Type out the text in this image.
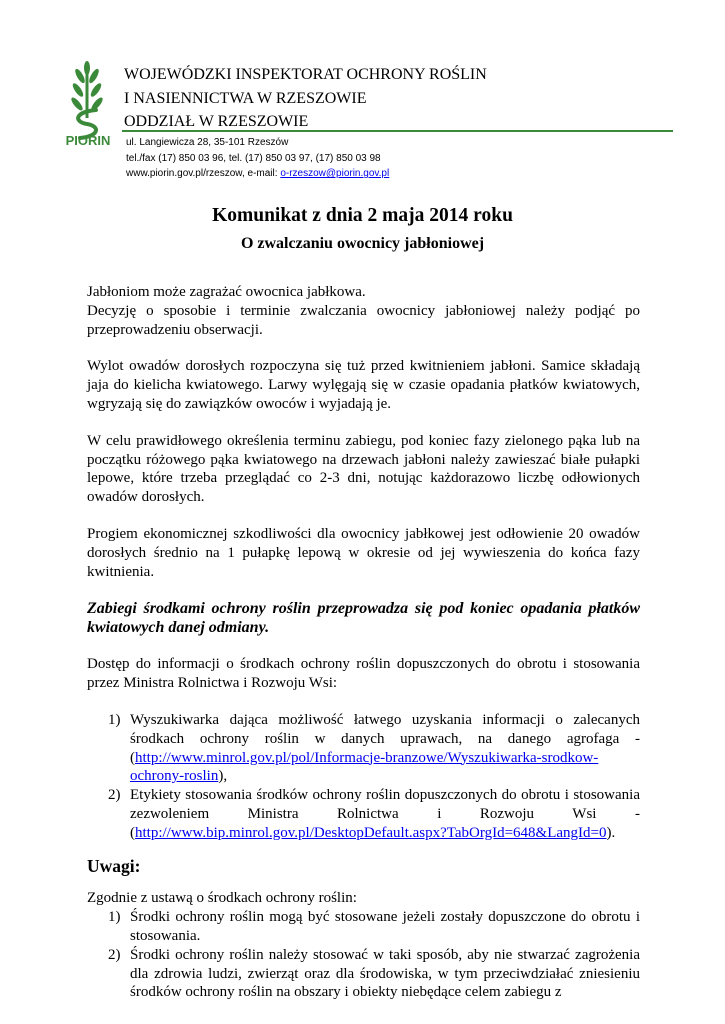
PIORIN
WOJEWÓDZKI INSPEKTORAT OCHRONY ROŚLIN
I NASIENNICTWA W RZESZOWIE
ODDZIAŁ W RZESZOWIE
ul. Langiewicza 28, 35-101 Rzeszów
tel./fax (17) 850 03 96, tel. (17) 850 03 97, (17) 850 03 98
www.piorin.gov.pl/rzeszow, e-mail: o-rzeszow@piorin.gov.pl
Komunikat z dnia 2 maja 2014 roku
O zwalczaniu owocnicy jabłoniowej

Jabłoniom może zagrażać owocnica jabłkowa.

Decyzję o sposobie i terminie zwalczania owocnicy jabłoniowej należy podjąć po przeprowadzeniu obserwacji.

Wylot owadów dorosłych rozpoczyna się tuż przed kwitnieniem jabłoni. Samice składają jaja do kielicha kwiatowego. Larwy wylęgają się w czasie opadania płatków kwiatowych, wgryzają się do zawiązków owoców i wyjadają je.

W celu prawidłowego określenia terminu zabiegu, pod koniec fazy zielonego pąka lub na początku różowego pąka kwiatowego na drzewach jabłoni należy zawieszać białe pułapki lepowe, które trzeba przeglądać co 2-3 dni, notując każdorazowo liczbę odłowionych owadów dorosłych.

Progiem ekonomicznej szkodliwości dla owocnicy jabłkowej jest odłowienie 20 owadów dorosłych średnio na 1 pułapkę lepową w okresie od jej wywieszenia do końca fazy kwitnienia.

Zabiegi środkami ochrony roślin przeprowadza się pod koniec opadania płatków kwiatowych danej odmiany.

Dostęp do informacji o środkach ochrony roślin dopuszczonych do obrotu i stosowania przez Ministra Rolnictwa i Rozwoju Wsi:

1) Wyszukiwarka dająca możliwość łatwego uzyskania informacji o zalecanych środkach ochrony roślin w danych uprawach, na danego agrofaga - (http://www.minrol.gov.pl/pol/Informacje-branzowe/Wyszukiwarka-srodkow-ochrony-roslin),
2) Etykiety stosowania środków ochrony roślin dopuszczonych do obrotu i stosowania zezwoleniem Ministra Rolnictwa i Rozwoju Wsi - (http://www.bip.minrol.gov.pl/DesktopDefault.aspx?TabOrgId=648&LangId=0).
Uwagi:

Zgodnie z ustawą o środkach ochrony roślin:

1) Środki ochrony roślin mogą być stosowane jeżeli zostały dopuszczone do obrotu i stosowania.
2) Środki ochrony roślin należy stosować w taki sposób, aby nie stwarzać zagrożenia dla zdrowia ludzi, zwierząt oraz dla środowiska, w tym przeciwdziałać zniesieniu środków ochrony roślin na obszary i obiekty niebędące celem zabiegu z
